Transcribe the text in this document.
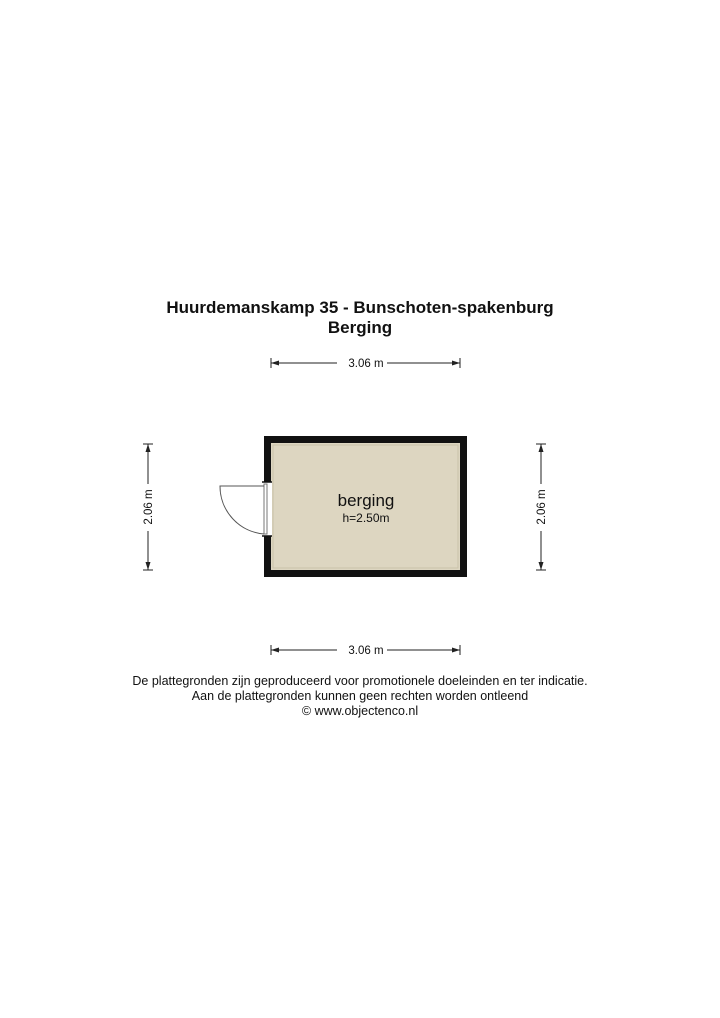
Huurdemanskamp 35 - Bunschoten-spakenburg
Berging
berging
h=2.50m
3.06 m
3.06 m
2.06 m	2.06 m
De plattegronden zijn geproduceerd voor promotionele doeleinden en ter indicatie.
Aan de plattegronden kunnen geen rechten worden ontleend
© www.objectenco.nl
